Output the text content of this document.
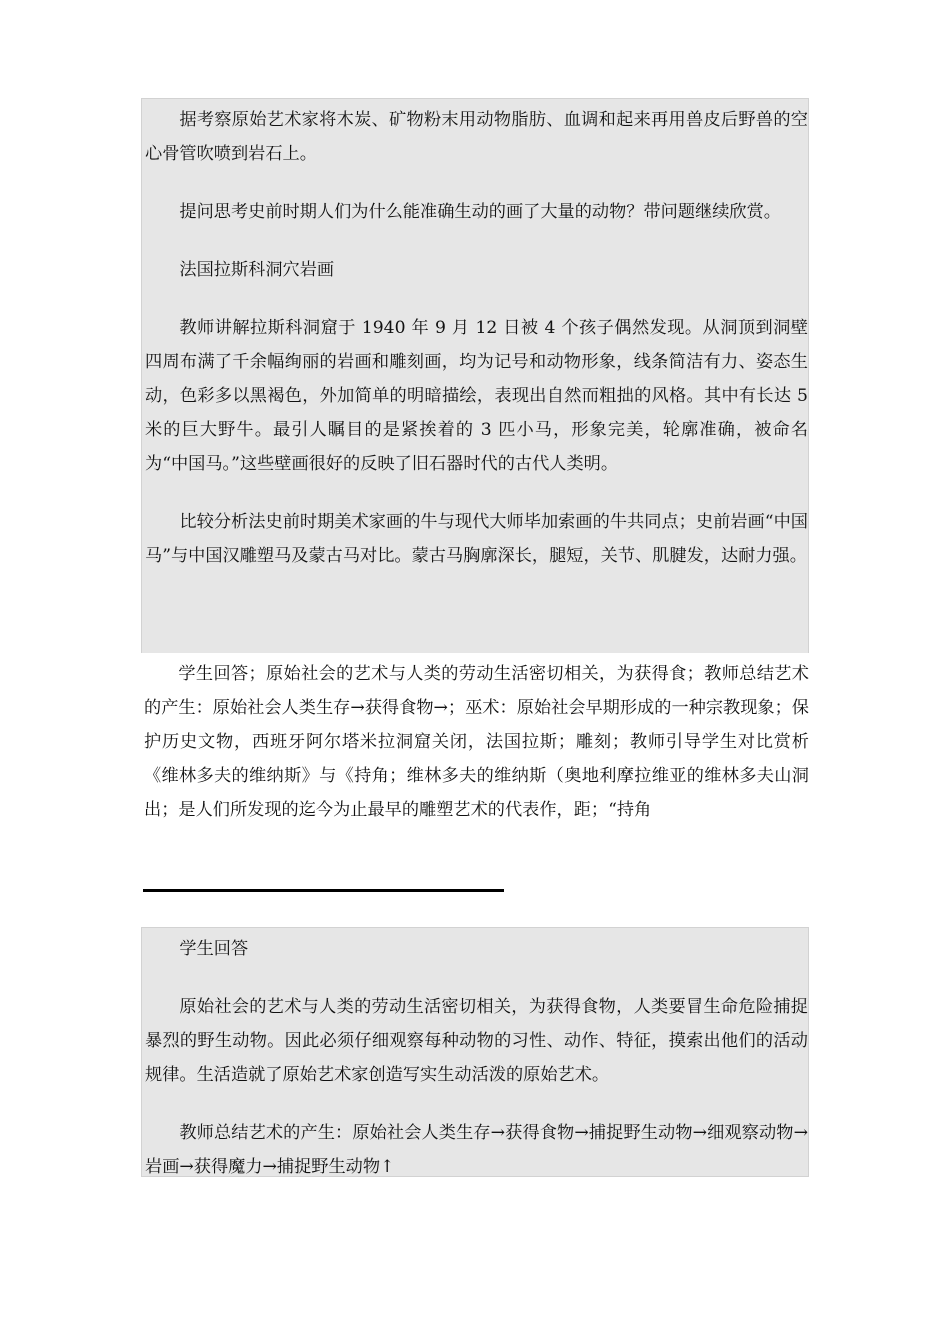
据考察原始艺术家将木炭、矿物粉末用动物脂肪、血调和起来再用兽皮后野兽的空心骨管吹喷到岩石上。

提问思考史前时期人们为什么能准确生动的画了大量的动物？带问题继续欣赏。

法国拉斯科洞穴岩画

教师讲解拉斯科洞窟于 1940 年 9 月 12 日被 4 个孩子偶然发现。从洞顶到洞壁四周布满了千余幅绚丽的岩画和雕刻画，均为记号和动物形象，线条简洁有力、姿态生动，色彩多以黑褐色，外加简单的明暗描绘，表现出自然而粗拙的风格。其中有长达 5 米的巨大野牛。最引人瞩目的是紧挨着的 3 匹小马，形象完美，轮廓准确，被命名为“中国马。”这些壁画很好的反映了旧石器时代的古代人类明。

比较分析法史前时期美术家画的牛与现代大师毕加索画的牛共同点；史前岩画“中国马”与中国汉雕塑马及蒙古马对比。蒙古马胸廓深长，腿短，关节、肌腱发，达耐力强。

学生回答；原始社会的艺术与人类的劳动生活密切相关，为获得食；教师总结艺术的产生：原始社会人类生存→获得食物→；巫术：原始社会早期形成的一种宗教现象；保护历史文物，西班牙阿尔塔米拉洞窟关闭，法国拉斯；雕刻；教师引导学生对比赏析《维林多夫的维纳斯》与《持角；维林多夫的维纳斯（奥地利摩拉维亚的维林多夫山洞出；是人们所发现的迄今为止最早的雕塑艺术的代表作，距；“持角

学生回答

原始社会的艺术与人类的劳动生活密切相关，为获得食物，人类要冒生命危险捕捉暴烈的野生动物。因此必须仔细观察每种动物的习性、动作、特征，摸索出他们的活动规律。生活造就了原始艺术家创造写实生动活泼的原始艺术。

教师总结艺术的产生：原始社会人类生存→获得食物→捕捉野生动物→细观察动物→岩画→获得魔力→捕捉野生动物↑
